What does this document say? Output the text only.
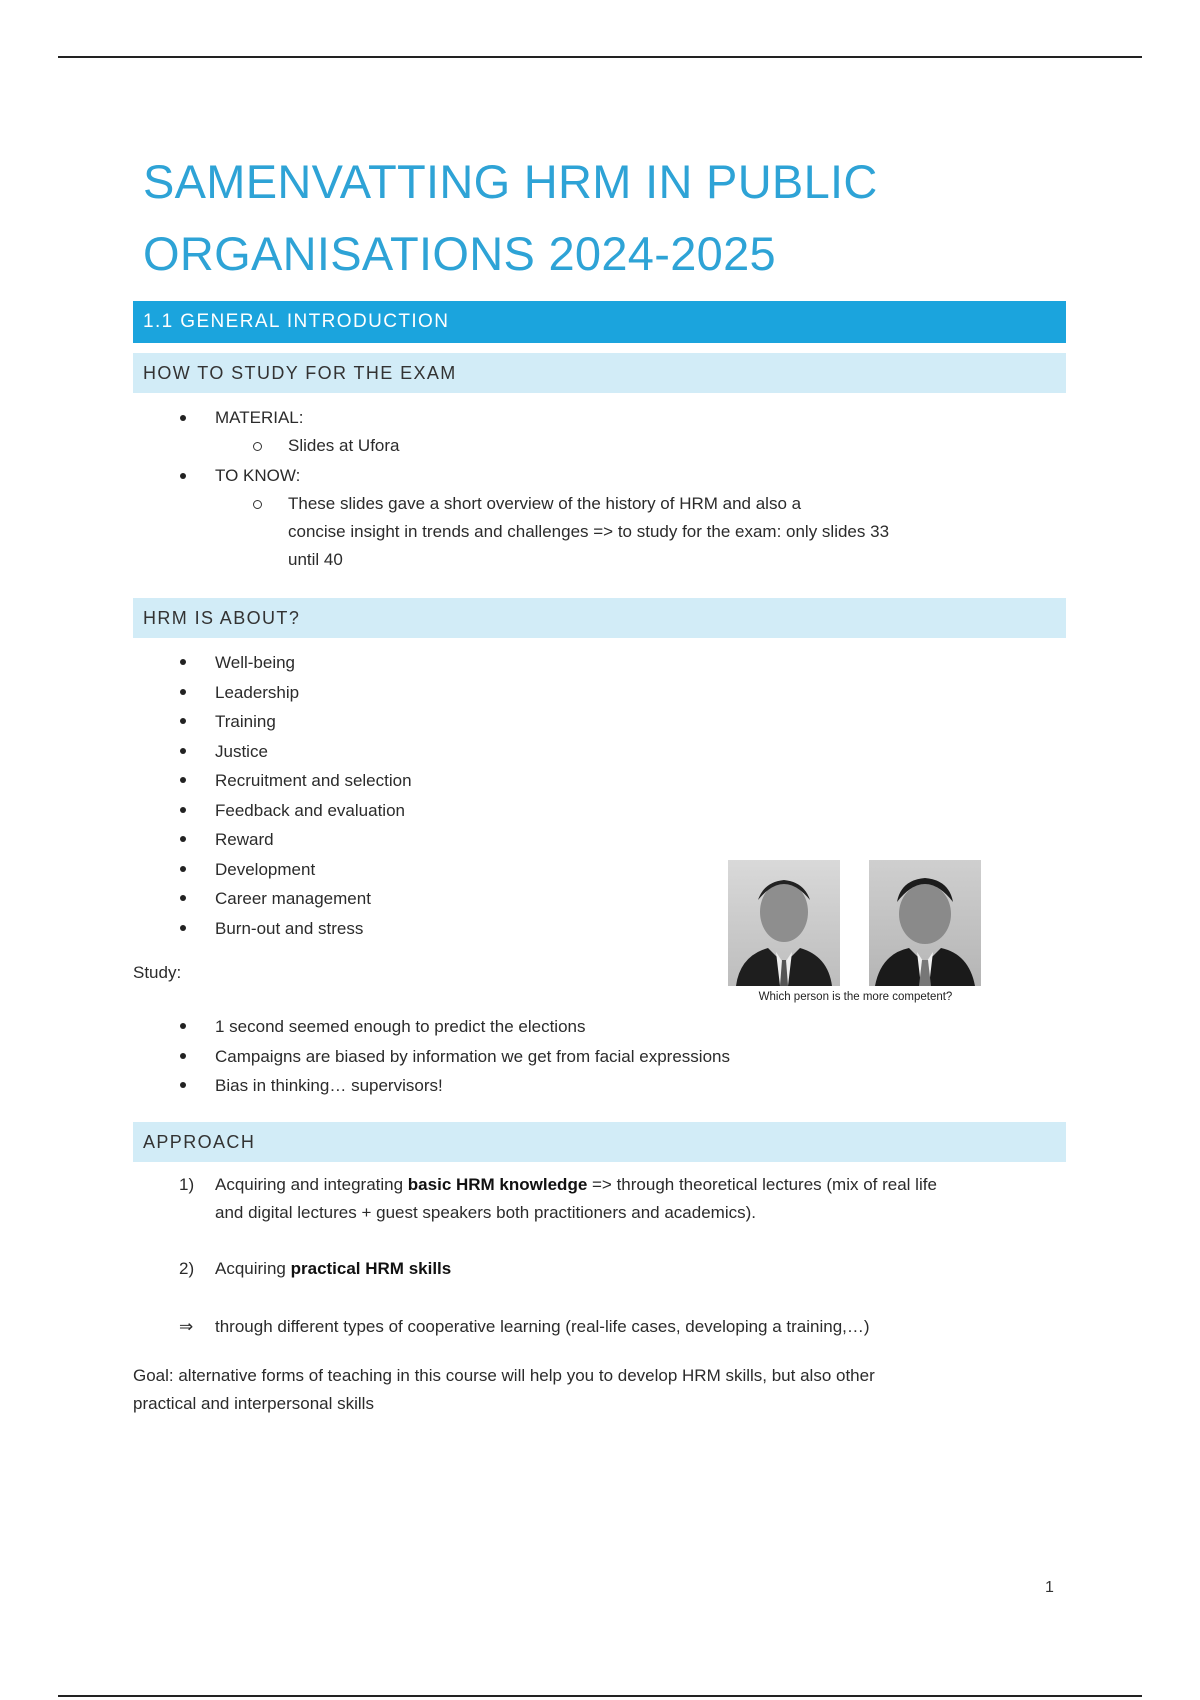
SAMENVATTING HRM IN PUBLIC
ORGANISATIONS 2024-2025
1.1 GENERAL INTRODUCTION
HOW TO STUDY FOR THE EXAM
MATERIAL:
Slides at Ufora
TO KNOW:
These slides gave a short overview of the history of HRM and also a
concise insight in trends and challenges => to study for the exam: only slides 33
until 40
HRM IS ABOUT?
Well-being
Leadership
Training
Justice
Recruitment and selection
Feedback and evaluation
Reward
Development
Career management
Burn-out and stress
Study:
Which person is the more competent?
1 second seemed enough to predict the elections
Campaigns are biased by information we get from facial expressions
Bias in thinking… supervisors!
APPROACH
1) Acquiring and integrating basic HRM knowledge => through theoretical lectures (mix of real life
and digital lectures + guest speakers both practitioners and academics).
2) Acquiring practical HRM skills
⇒ through different types of cooperative learning (real-life cases, developing a training,…)
Goal: alternative forms of teaching in this course will help you to develop HRM skills, but also other
practical and interpersonal skills
1
